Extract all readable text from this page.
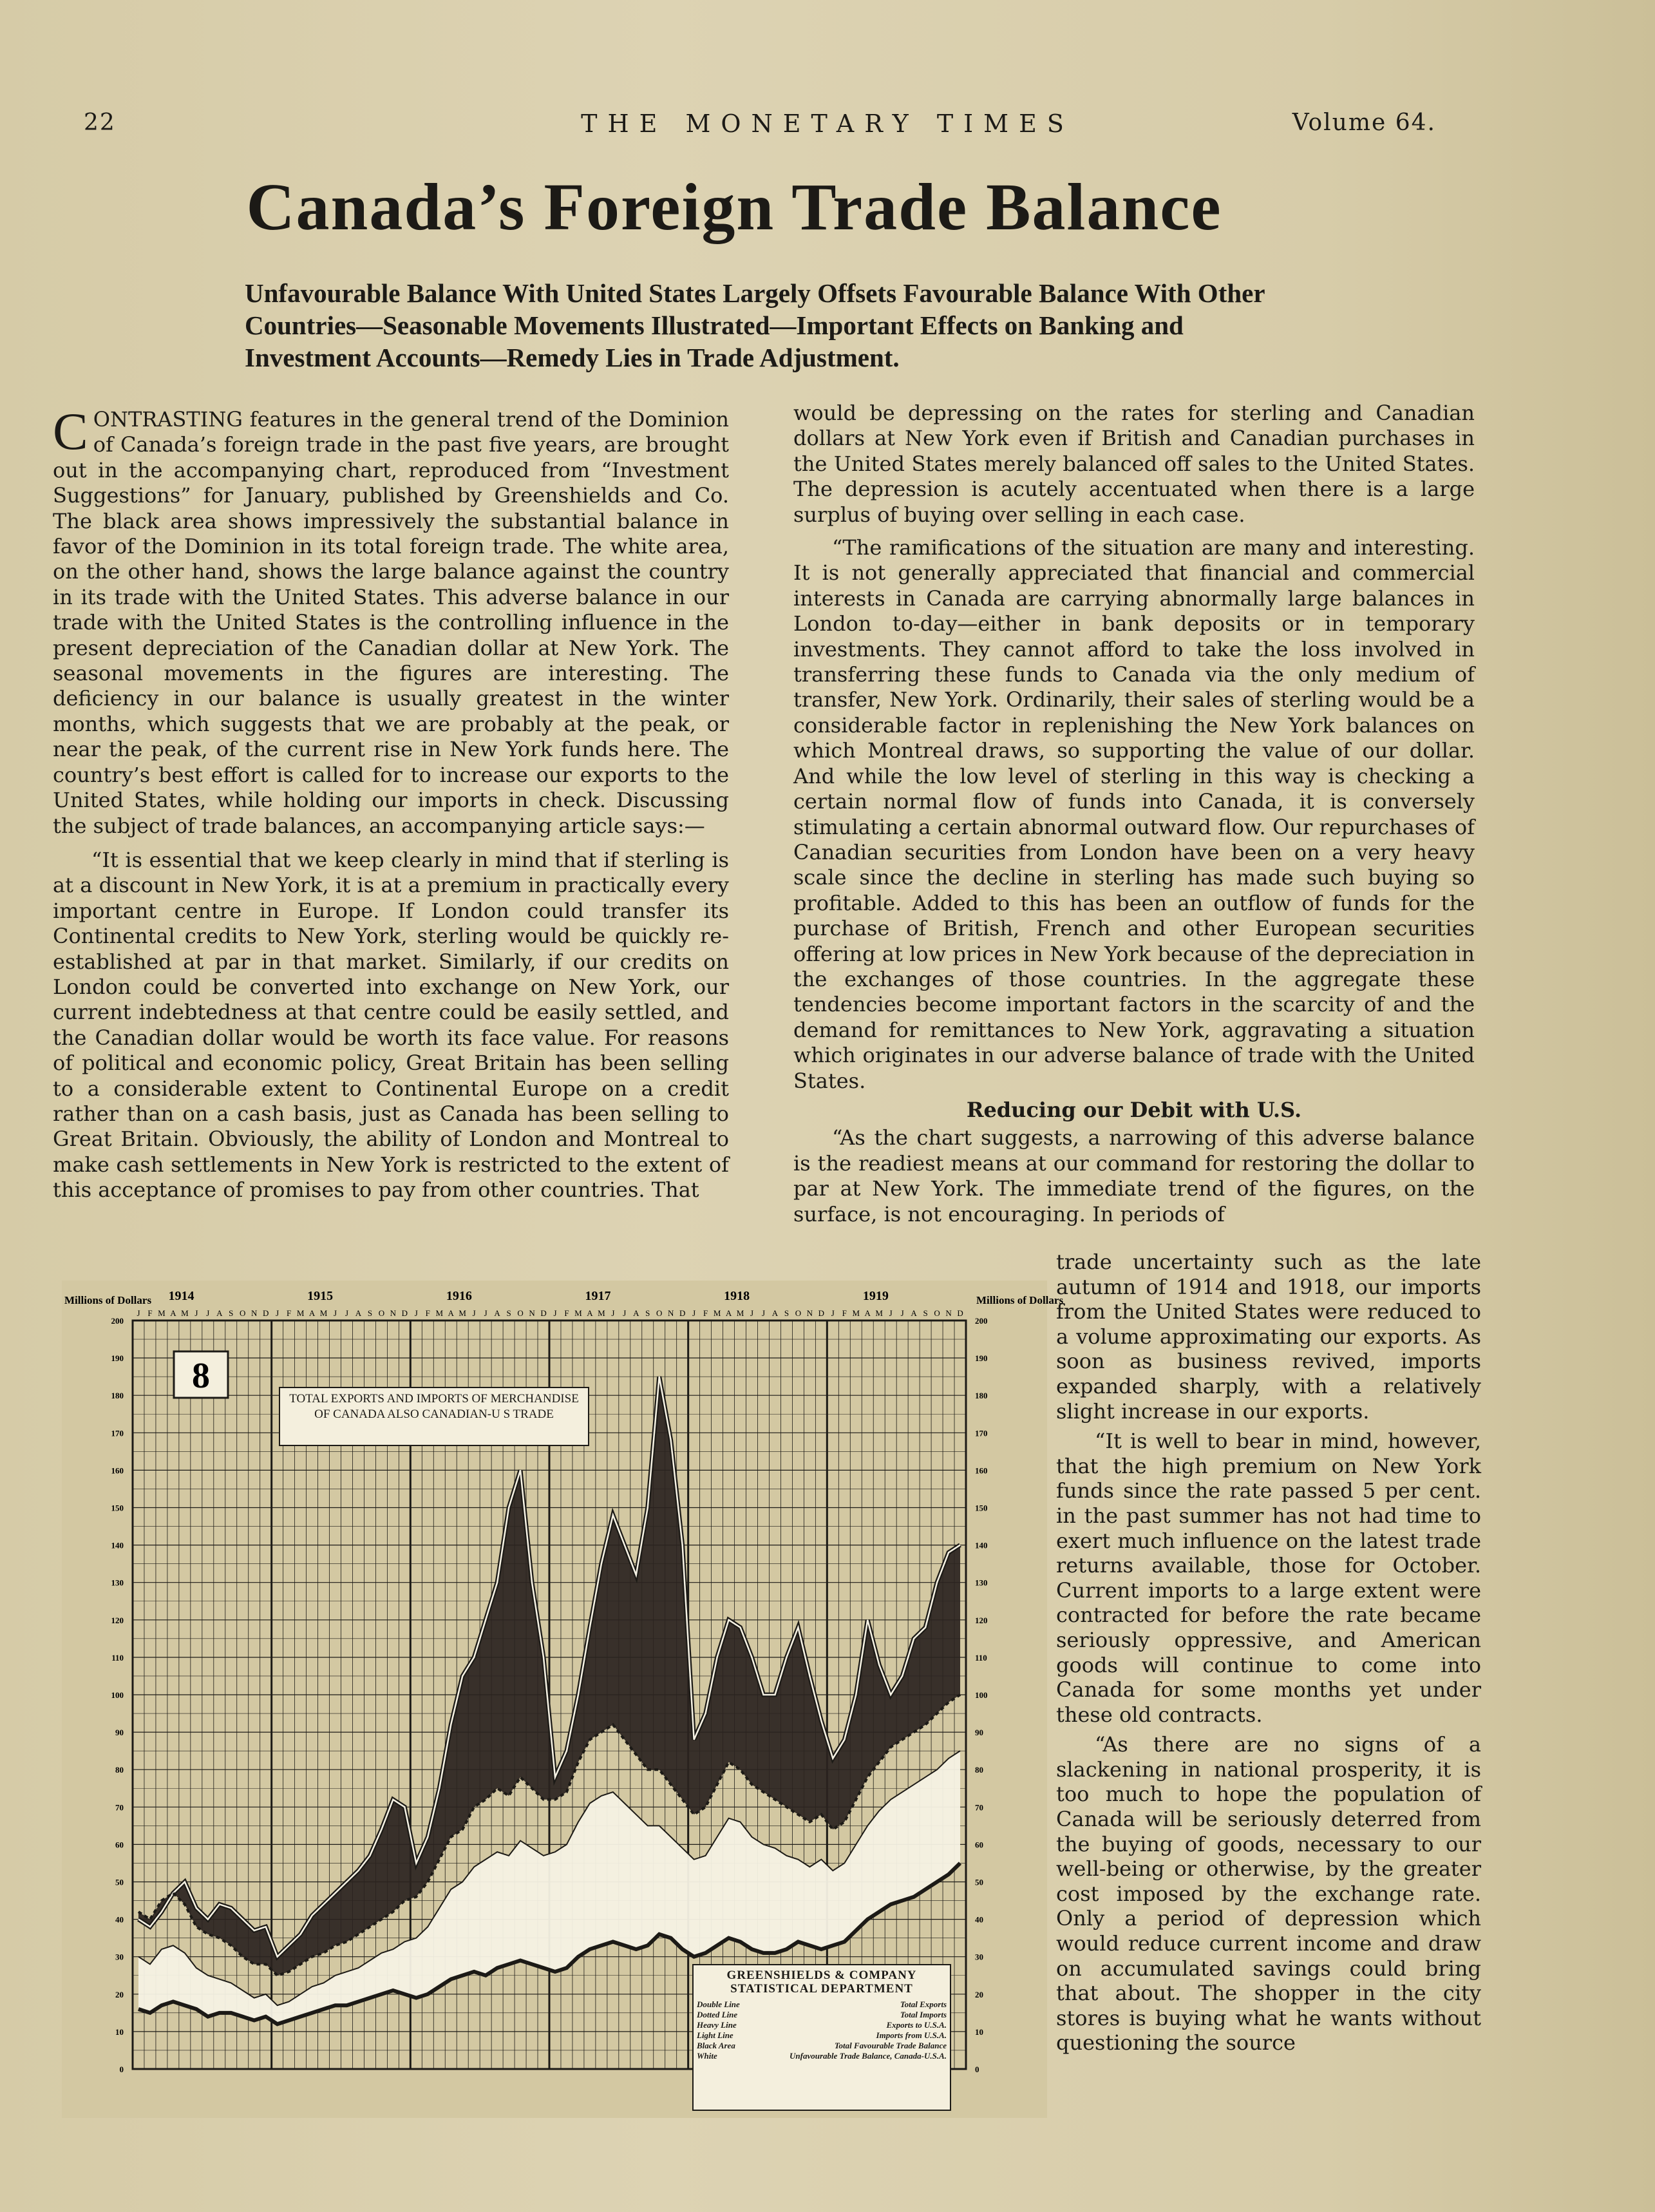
22	THE MONETARY TIMES	Volume 64.
Canada’s Foreign Trade Balance

Unfavourable Balance With United States Largely Offsets Favourable Balance With Other Countries—Seasonable Movements Illustrated—Important Effects on Banking and Investment Accounts—Remedy Lies in Trade Adjustment.

CONTRASTING features in the general trend of the Dominion of Canada’s foreign trade in the past five years, are brought out in the accompanying chart, reproduced from “Investment Suggestions” for January, published by Greenshields and Co. The black area shows impressively the substantial balance in favor of the Dominion in its total foreign trade. The white area, on the other hand, shows the large balance against the country in its trade with the United States. This adverse balance in our trade with the United States is the controlling influence in the present depreciation of the Canadian dollar at New York. The seasonal movements in the figures are interesting. The deficiency in our balance is usually greatest in the winter months, which suggests that we are probably at the peak, or near the peak, of the current rise in New York funds here. The country’s best effort is called for to increase our exports to the United States, while holding our imports in check. Discussing the subject of trade balances, an accompanying article says:—

“It is essential that we keep clearly in mind that if sterling is at a discount in New York, it is at a premium in practically every important centre in Europe. If London could transfer its Continental credits to New York, sterling would be quickly re-established at par in that market. Similarly, if our credits on London could be converted into exchange on New York, our current indebtedness at that centre could be easily settled, and the Canadian dollar would be worth its face value. For reasons of political and economic policy, Great Britain has been selling to a considerable extent to Continental Europe on a credit rather than on a cash basis, just as Canada has been selling to Great Britain. Obviously, the ability of London and Montreal to make cash settlements in New York is restricted to the extent of this acceptance of promises to pay from other countries. That

would be depressing on the rates for sterling and Canadian dollars at New York even if British and Canadian purchases in the United States merely balanced off sales to the United States. The depression is acutely accentuated when there is a large surplus of buying over selling in each case.

“The ramifications of the situation are many and interesting. It is not generally appreciated that financial and commercial interests in Canada are carrying abnormally large balances in London to-day—either in bank deposits or in temporary investments. They cannot afford to take the loss involved in transferring these funds to Canada via the only medium of transfer, New York. Ordinarily, their sales of sterling would be a considerable factor in replenishing the New York balances on which Montreal draws, so supporting the value of our dollar. And while the low level of sterling in this way is checking a certain normal flow of funds into Canada, it is conversely stimulating a certain abnormal outward flow. Our repurchases of Canadian securities from London have been on a very heavy scale since the decline in sterling has made such buying so profitable. Added to this has been an outflow of funds for the purchase of British, French and other European securities offering at low prices in New York because of the depreciation in the exchanges of those countries. In the aggregate these tendencies become important factors in the scarcity of and the demand for remittances to New York, aggravating a situation which originates in our adverse balance of trade with the United States.

Reducing our Debit with U.S.

“As the chart suggests, a narrowing of this adverse balance is the readiest means at our command for restoring the dollar to par at New York. The immediate trend of the figures, on the surface, is not encouraging. In periods of

trade uncertainty such as the late autumn of 1914 and 1918, our imports from the United States were reduced to a volume approximating our exports. As soon as business revived, imports expanded sharply, with a relatively slight increase in our exports.

“It is well to bear in mind, however, that the high premium on New York funds since the rate passed 5 per cent. in the past summer has not had time to exert much influence on the latest trade returns available, those for October. Current imports to a large extent were contracted for before the rate became seriously oppressive, and American goods will continue to come into Canada for some months yet under these old contracts.

“As there are no signs of a slackening in national prosperity, it is too much to hope the population of Canada will be seriously deterred from the buying of goods, necessary to our well-being or otherwise, by the greater cost imposed by the exchange rate. Only a period of depression which would reduce current income and draw on accumulated savings could bring that about. The shopper in the city stores is buying what he wants without questioning the source

1914	1915	1916	1917	1918	1919
J F M A M J J A S O N D J F M A M J J A S O N D J F M A M J J A S O N D J F M A M J J A S O N D J F M A M J J A S O N D J F M A M J J A S O N D
0	0
10	10
20	20
30	30
40	40
50	50
60	60
70	70
80	80
90	90
100	100
110	110
120	120
130	130
140	140
150	150
160	160
170	170
180	180
190	190
200	200
Millions of Dollars	Millions of Dollars
8
TOTAL EXPORTS AND IMPORTS OF MERCHANDISE OF CANADA ALSO CANADIAN-U S TRADE
GREENSHIELDS & COMPANY STATISTICAL DEPARTMENT
Double Line	Total Exports
Dotted Line	Total Imports
Heavy Line	Exports to U.S.A.
Light Line	Imports from U.S.A.
Black Area	Total Favourable Trade Balance
White	Unfavourable Trade Balance, Canada-U.S.A.
